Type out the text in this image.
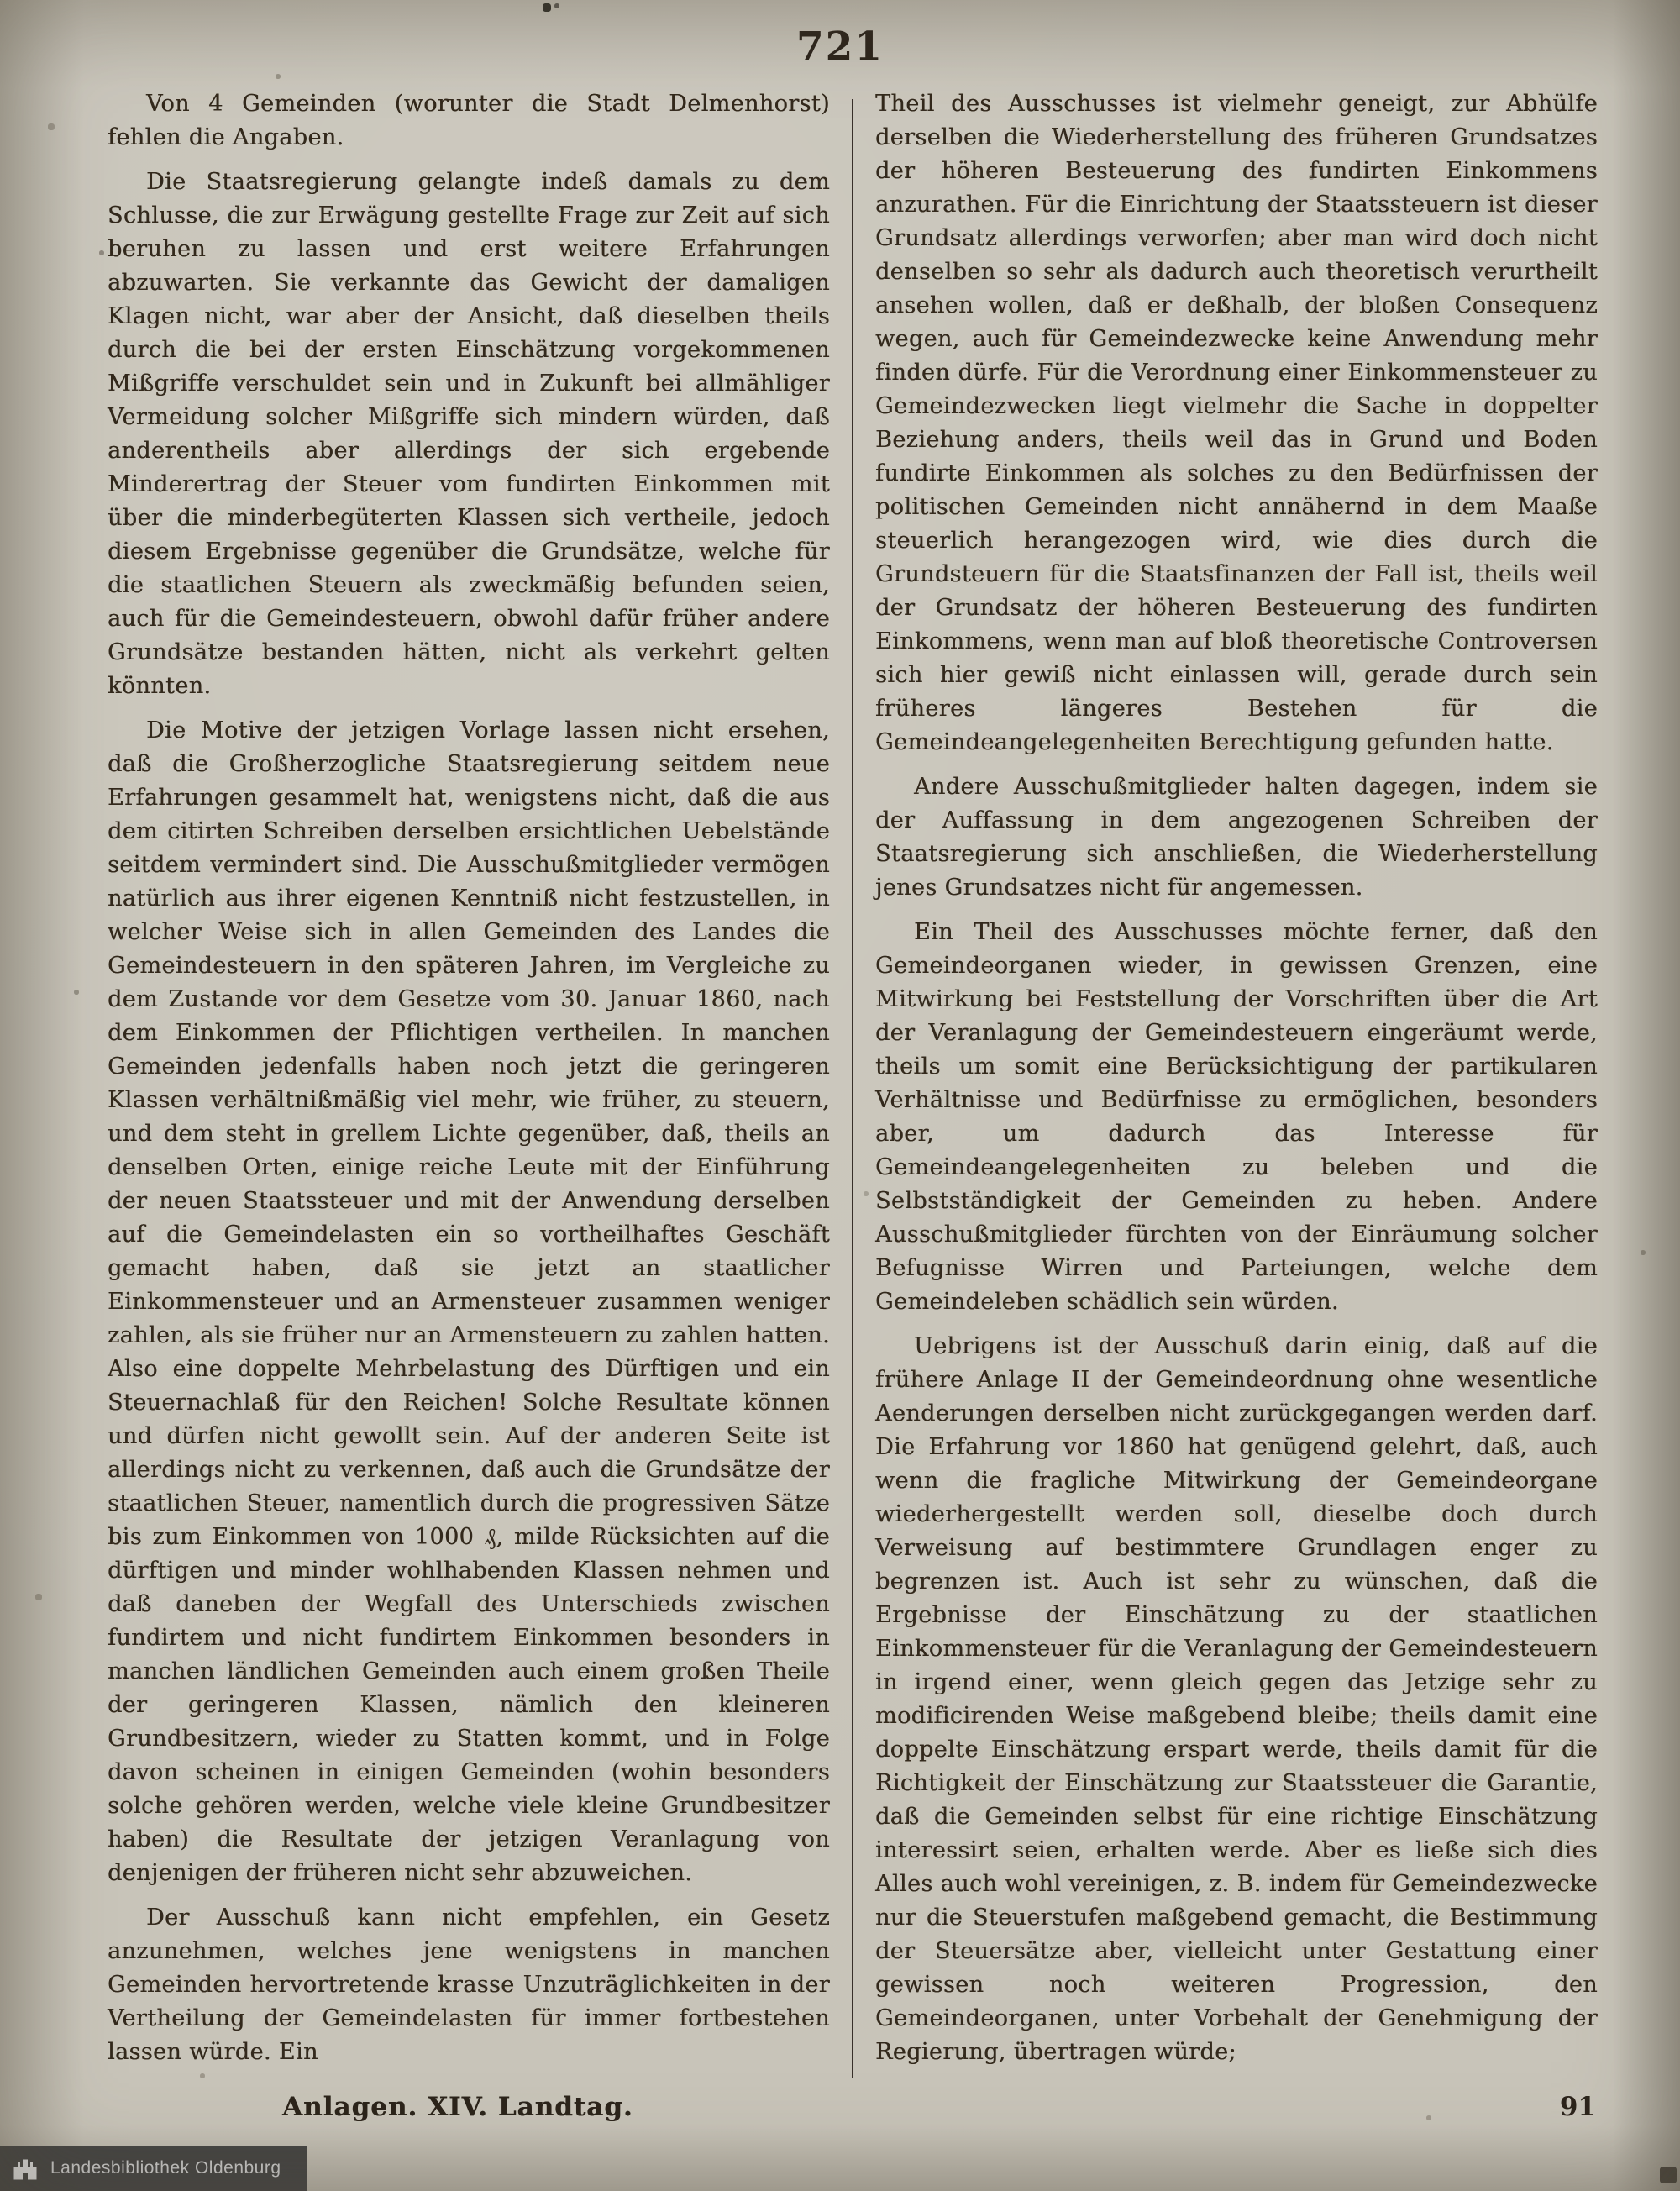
721

Von 4 Gemeinden (worunter die Stadt Delmenhorst) fehlen die Angaben.

Die Staatsregierung gelangte indeß damals zu dem Schlusse, die zur Erwägung gestellte Frage zur Zeit auf sich beruhen zu lassen und erst weitere Erfahrungen abzuwarten. Sie verkannte das Gewicht der damaligen Klagen nicht, war aber der Ansicht, daß dieselben theils durch die bei der ersten Einschätzung vorgekommenen Mißgriffe verschuldet sein und in Zukunft bei allmähliger Vermeidung solcher Mißgriffe sich mindern würden, daß anderentheils aber allerdings der sich ergebende Minderertrag der Steuer vom fundirten Einkommen mit über die minderbegüterten Klassen sich vertheile, jedoch diesem Ergebnisse gegenüber die Grundsätze, welche für die staatlichen Steuern als zweckmäßig befunden seien, auch für die Gemeindesteuern, obwohl dafür früher andere Grundsätze bestanden hätten, nicht als verkehrt gelten könnten.

Die Motive der jetzigen Vorlage lassen nicht ersehen, daß die Großherzogliche Staatsregierung seitdem neue Erfahrungen gesammelt hat, wenigstens nicht, daß die aus dem citirten Schreiben derselben ersichtlichen Uebelstände seitdem vermindert sind. Die Ausschußmitglieder vermögen natürlich aus ihrer eigenen Kenntniß nicht festzustellen, in welcher Weise sich in allen Gemeinden des Landes die Gemeindesteuern in den späteren Jahren, im Vergleiche zu dem Zustande vor dem Gesetze vom 30. Januar 1860, nach dem Einkommen der Pflichtigen vertheilen. In manchen Gemeinden jedenfalls haben noch jetzt die geringeren Klassen verhältnißmäßig viel mehr, wie früher, zu steuern, und dem steht in grellem Lichte gegenüber, daß, theils an denselben Orten, einige reiche Leute mit der Einführung der neuen Staatssteuer und mit der Anwendung derselben auf die Gemeindelasten ein so vortheilhaftes Geschäft gemacht haben, daß sie jetzt an staatlicher Einkommensteuer und an Armensteuer zusammen weniger zahlen, als sie früher nur an Armensteuern zu zahlen hatten. Also eine doppelte Mehrbelastung des Dürftigen und ein Steuernachlaß für den Reichen! Solche Resultate können und dürfen nicht gewollt sein. Auf der anderen Seite ist allerdings nicht zu verkennen, daß auch die Grundsätze der staatlichen Steuer, namentlich durch die progressiven Sätze bis zum Einkommen von 1000 ₰, milde Rücksichten auf die dürftigen und minder wohlhabenden Klassen nehmen und daß daneben der Wegfall des Unterschieds zwischen fundirtem und nicht fundirtem Einkommen besonders in manchen ländlichen Gemeinden auch einem großen Theile der geringeren Klassen, nämlich den kleineren Grundbesitzern, wieder zu Statten kommt, und in Folge davon scheinen in einigen Gemeinden (wohin besonders solche gehören werden, welche viele kleine Grundbesitzer haben) die Resultate der jetzigen Veranlagung von denjenigen der früheren nicht sehr abzuweichen.

Der Ausschuß kann nicht empfehlen, ein Gesetz anzunehmen, welches jene wenigstens in manchen Gemeinden hervortretende krasse Unzuträglichkeiten in der Vertheilung der Gemeindelasten für immer fortbestehen lassen würde. Ein

Theil des Ausschusses ist vielmehr geneigt, zur Abhülfe derselben die Wiederherstellung des früheren Grundsatzes der höheren Besteuerung des fundirten Einkommens anzurathen. Für die Einrichtung der Staatssteuern ist dieser Grundsatz allerdings verworfen; aber man wird doch nicht denselben so sehr als dadurch auch theoretisch verurtheilt ansehen wollen, daß er deßhalb, der bloßen Consequenz wegen, auch für Gemeindezwecke keine Anwendung mehr finden dürfe. Für die Verordnung einer Einkommensteuer zu Gemeindezwecken liegt vielmehr die Sache in doppelter Beziehung anders, theils weil das in Grund und Boden fundirte Einkommen als solches zu den Bedürfnissen der politischen Gemeinden nicht annähernd in dem Maaße steuerlich herangezogen wird, wie dies durch die Grundsteuern für die Staatsfinanzen der Fall ist, theils weil der Grundsatz der höheren Besteuerung des fundirten Einkommens, wenn man auf bloß theoretische Controversen sich hier gewiß nicht einlassen will, gerade durch sein früheres längeres Bestehen für die Gemeindeangelegenheiten Berechtigung gefunden hatte.

Andere Ausschußmitglieder halten dagegen, indem sie der Auffassung in dem angezogenen Schreiben der Staatsregierung sich anschließen, die Wiederherstellung jenes Grundsatzes nicht für angemessen.

Ein Theil des Ausschusses möchte ferner, daß den Gemeindeorganen wieder, in gewissen Grenzen, eine Mitwirkung bei Feststellung der Vorschriften über die Art der Veranlagung der Gemeindesteuern eingeräumt werde, theils um somit eine Berücksichtigung der partikularen Verhältnisse und Bedürfnisse zu ermöglichen, besonders aber, um dadurch das Interesse für Gemeindeangelegenheiten zu beleben und die Selbstständigkeit der Gemeinden zu heben. Andere Ausschußmitglieder fürchten von der Einräumung solcher Befugnisse Wirren und Parteiungen, welche dem Gemeindeleben schädlich sein würden.

Uebrigens ist der Ausschuß darin einig, daß auf die frühere Anlage II der Gemeindeordnung ohne wesentliche Aenderungen derselben nicht zurückgegangen werden darf. Die Erfahrung vor 1860 hat genügend gelehrt, daß, auch wenn die fragliche Mitwirkung der Gemeindeorgane wiederhergestellt werden soll, dieselbe doch durch Verweisung auf bestimmtere Grundlagen enger zu begrenzen ist. Auch ist sehr zu wünschen, daß die Ergebnisse der Einschätzung zu der staatlichen Einkommensteuer für die Veranlagung der Gemeindesteuern in irgend einer, wenn gleich gegen das Jetzige sehr zu modificirenden Weise maßgebend bleibe; theils damit eine doppelte Einschätzung erspart werde, theils damit für die Richtigkeit der Einschätzung zur Staatssteuer die Garantie, daß die Gemeinden selbst für eine richtige Einschätzung interessirt seien, erhalten werde. Aber es ließe sich dies Alles auch wohl vereinigen, z. B. indem für Gemeindezwecke nur die Steuerstufen maßgebend gemacht, die Bestimmung der Steuersätze aber, vielleicht unter Gestattung einer gewissen noch weiteren Progression, den Gemeindeorganen, unter Vorbehalt der Genehmigung der Regierung, übertragen würde;

Anlagen. XIV. Landtag.	91
Landesbibliothek Oldenburg
